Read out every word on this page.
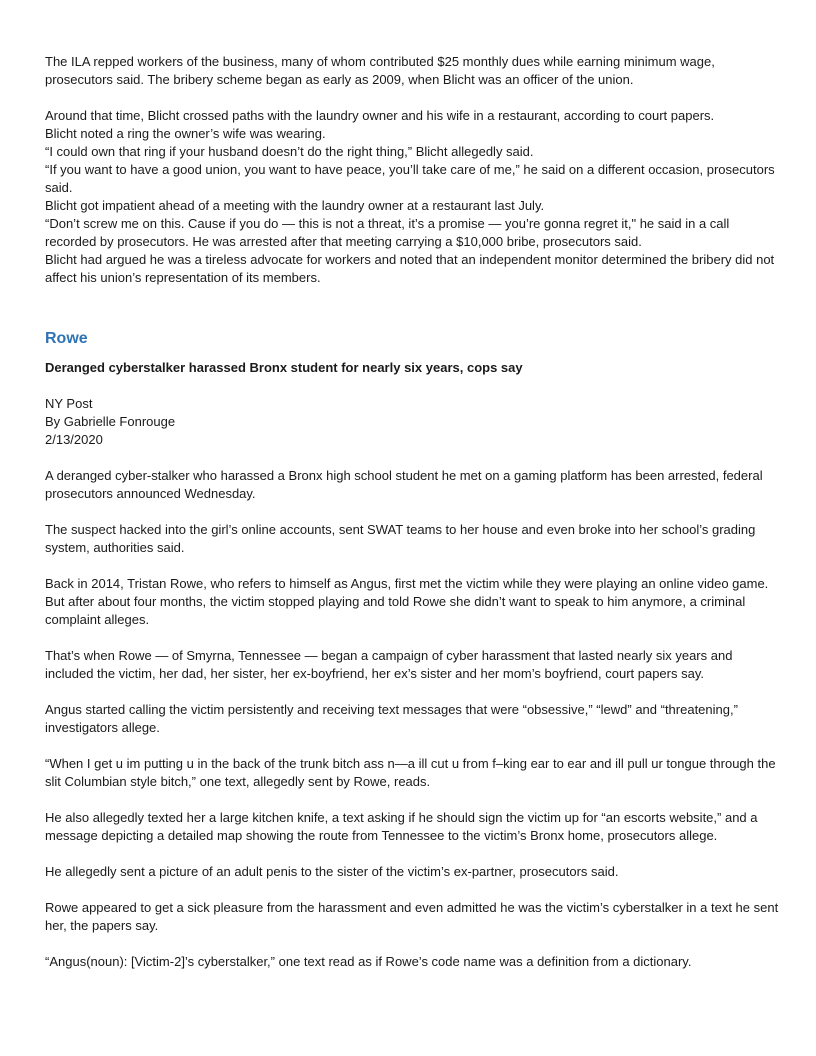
The ILA repped workers of the business, many of whom contributed $25 monthly dues while earning minimum wage, prosecutors said. The bribery scheme began as early as 2009, when Blicht was an officer of the union.

Around that time, Blicht crossed paths with the laundry owner and his wife in a restaurant, according to court papers.

Blicht noted a ring the owner’s wife was wearing.

“I could own that ring if your husband doesn’t do the right thing,” Blicht allegedly said.

“If you want to have a good union, you want to have peace, you’ll take care of me,” he said on a different occasion, prosecutors said.

Blicht got impatient ahead of a meeting with the laundry owner at a restaurant last July.

“Don’t screw me on this. Cause if you do — this is not a threat, it’s a promise — you’re gonna regret it," he said in a call recorded by prosecutors. He was arrested after that meeting carrying a $10,000 bribe, prosecutors said.

Blicht had argued he was a tireless advocate for workers and noted that an independent monitor determined the bribery did not affect his union’s representation of its members.

Rowe

Deranged cyberstalker harassed Bronx student for nearly six years, cops say

NY Post

By Gabrielle Fonrouge

2/13/2020

A deranged cyber-stalker who harassed a Bronx high school student he met on a gaming platform has been arrested, federal prosecutors announced Wednesday.

The suspect hacked into the girl’s online accounts, sent SWAT teams to her house and even broke into her school’s grading system, authorities said.

Back in 2014, Tristan Rowe, who refers to himself as Angus, first met the victim while they were playing an online video game. But after about four months, the victim stopped playing and told Rowe she didn’t want to speak to him anymore, a criminal complaint alleges.

That’s when Rowe — of Smyrna, Tennessee — began a campaign of cyber harassment that lasted nearly six years and included the victim, her dad, her sister, her ex-boyfriend, her ex’s sister and her mom’s boyfriend, court papers say.

Angus started calling the victim persistently and receiving text messages that were “obsessive,” “lewd” and “threatening,” investigators allege.

“When I get u im putting u in the back of the trunk bitch ass n—a ill cut u from f–king ear to ear and ill pull ur tongue through the slit Columbian style bitch,” one text, allegedly sent by Rowe, reads.

He also allegedly texted her a large kitchen knife, a text asking if he should sign the victim up for “an escorts website,” and a message depicting a detailed map showing the route from Tennessee to the victim’s Bronx home, prosecutors allege.

He allegedly sent a picture of an adult penis to the sister of the victim’s ex-partner, prosecutors said.

Rowe appeared to get a sick pleasure from the harassment and even admitted he was the victim’s cyberstalker in a text he sent her, the papers say.

“Angus(noun): [Victim-2]’s cyberstalker,” one text read as if Rowe’s code name was a definition from a dictionary.
